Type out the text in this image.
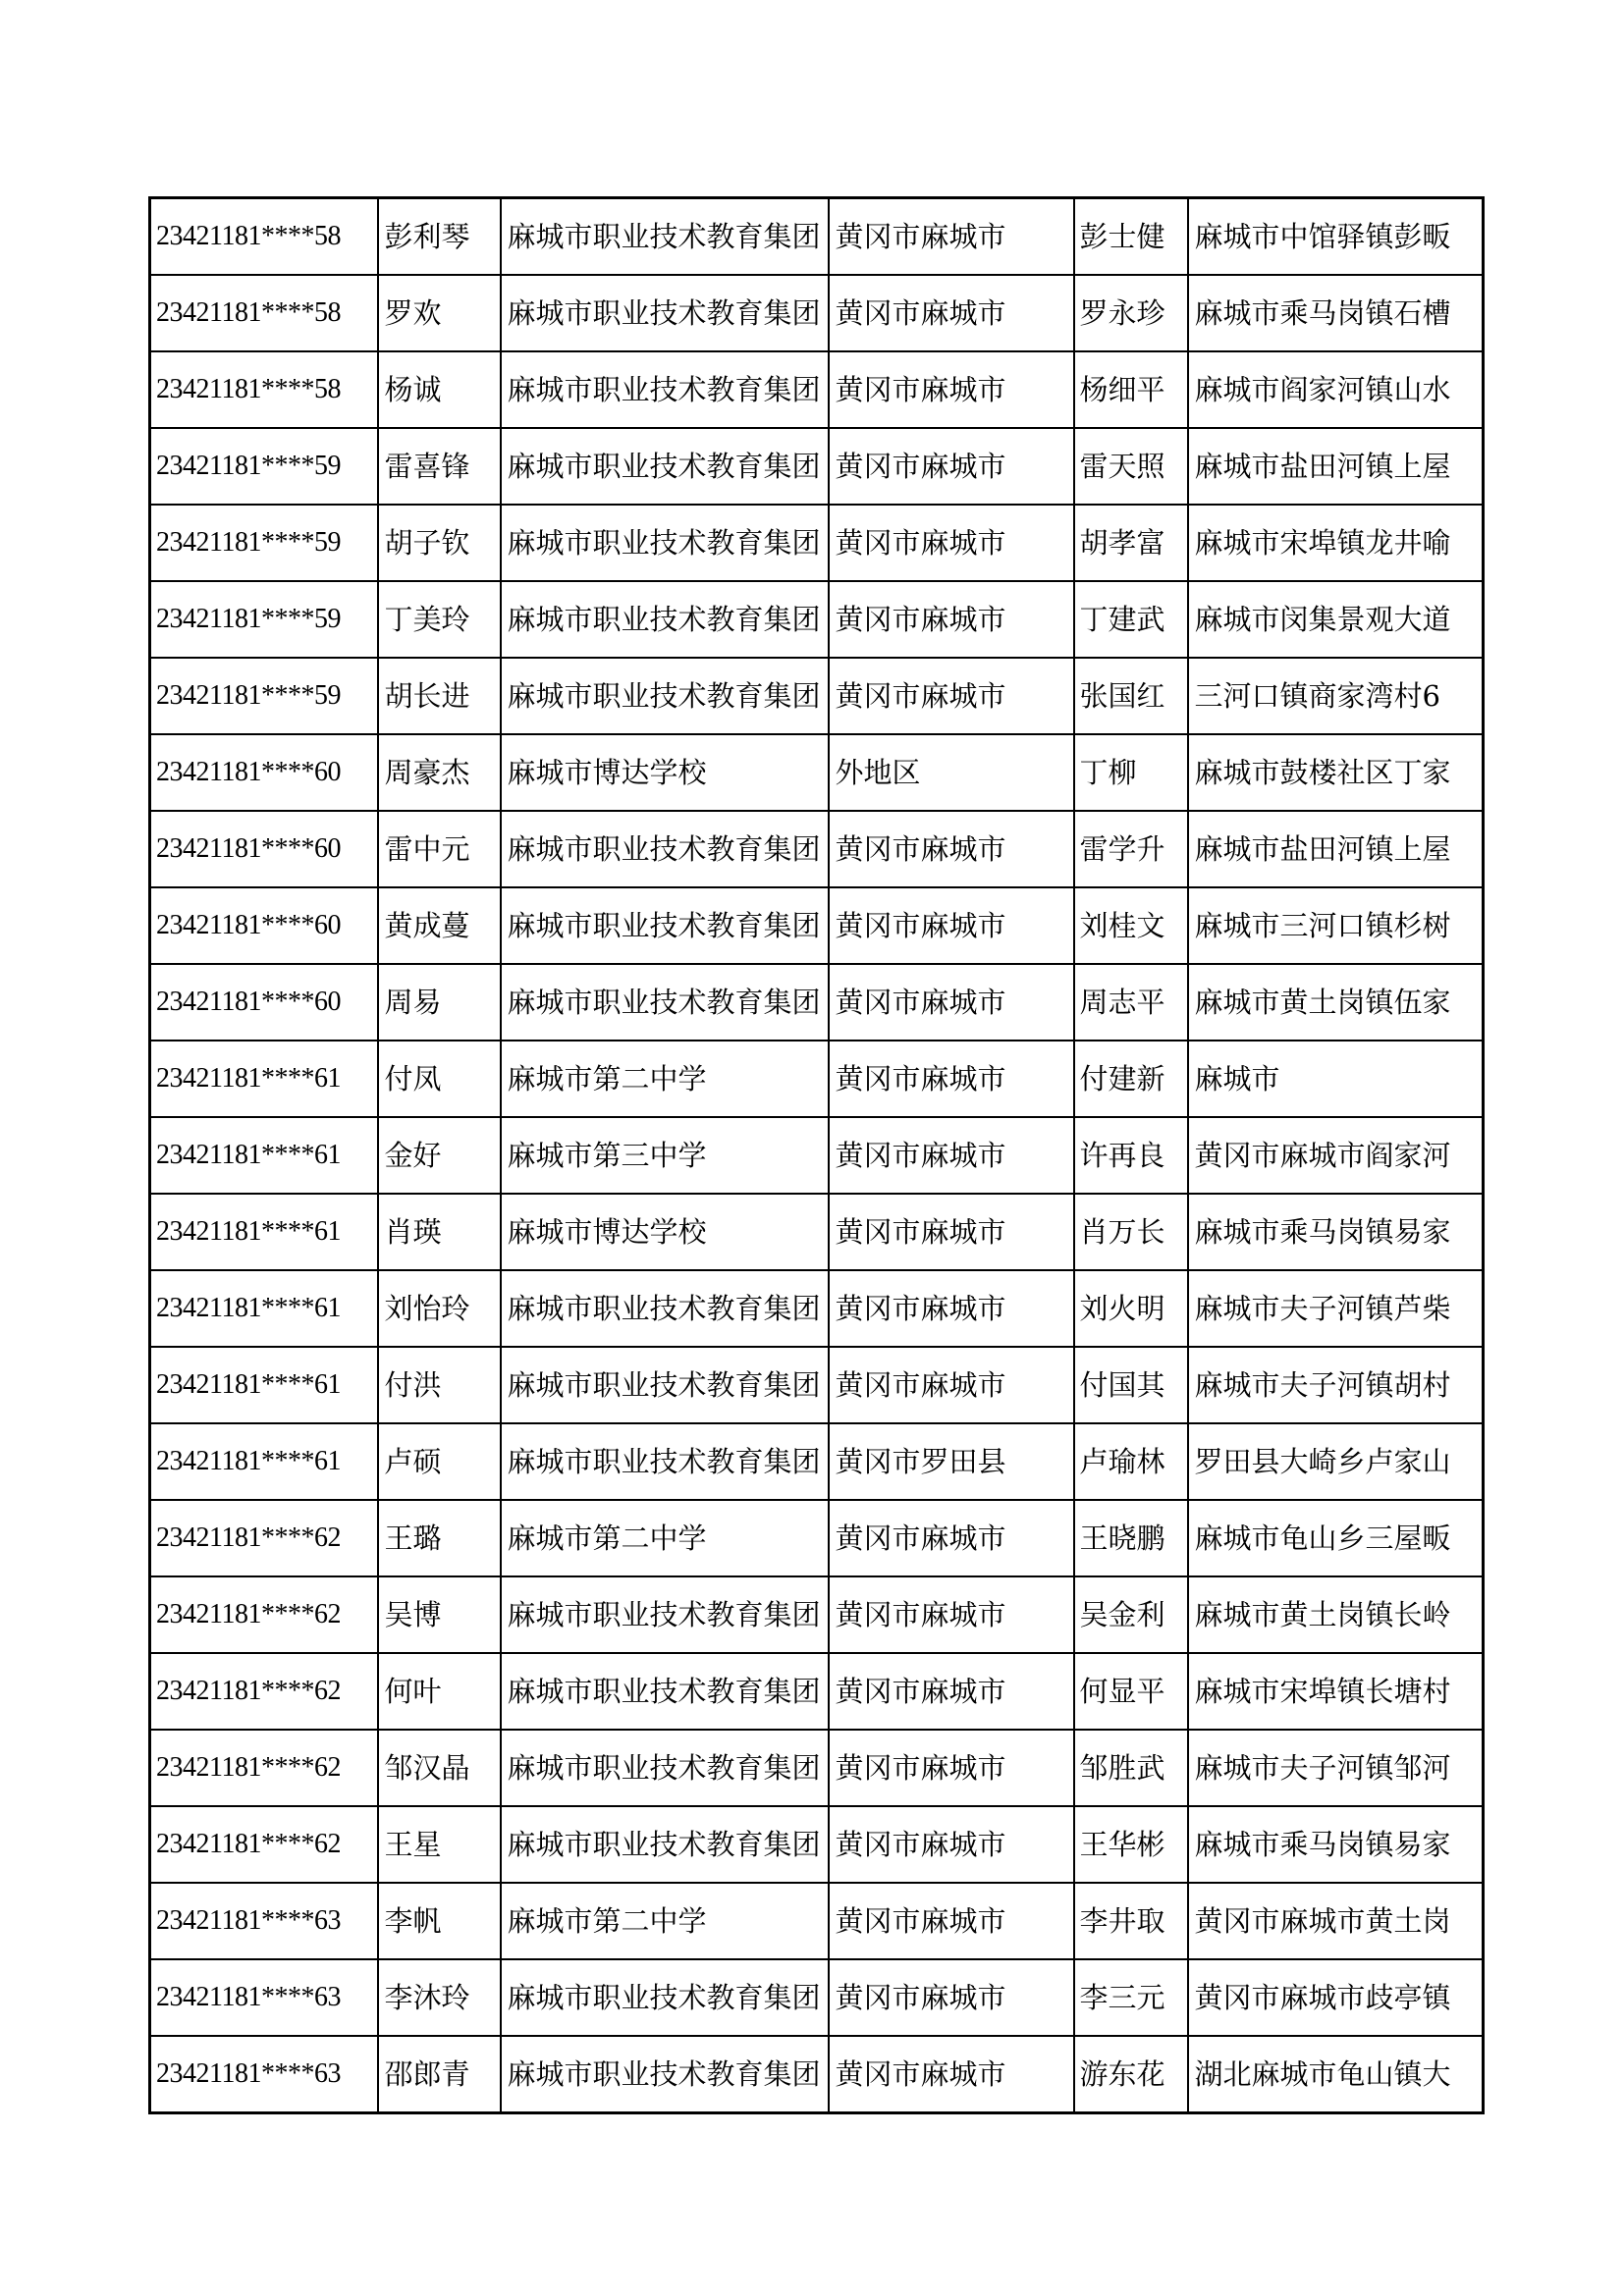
23421181****58	彭利琴	麻城市职业技术教育集团	黄冈市麻城市	彭士健	麻城市中馆驿镇彭畈
23421181****58	罗欢	麻城市职业技术教育集团	黄冈市麻城市	罗永珍	麻城市乘马岗镇石槽
23421181****58	杨诚	麻城市职业技术教育集团	黄冈市麻城市	杨细平	麻城市阎家河镇山水
23421181****59	雷喜锋	麻城市职业技术教育集团	黄冈市麻城市	雷天照	麻城市盐田河镇上屋
23421181****59	胡子钦	麻城市职业技术教育集团	黄冈市麻城市	胡孝富	麻城市宋埠镇龙井喻
23421181****59	丁美玲	麻城市职业技术教育集团	黄冈市麻城市	丁建武	麻城市闵集景观大道
23421181****59	胡长进	麻城市职业技术教育集团	黄冈市麻城市	张国红	三河口镇商家湾村6
23421181****60	周豪杰	麻城市博达学校	外地区	丁柳	麻城市鼓楼社区丁家
23421181****60	雷中元	麻城市职业技术教育集团	黄冈市麻城市	雷学升	麻城市盐田河镇上屋
23421181****60	黄成蔓	麻城市职业技术教育集团	黄冈市麻城市	刘桂文	麻城市三河口镇杉树
23421181****60	周易	麻城市职业技术教育集团	黄冈市麻城市	周志平	麻城市黄土岗镇伍家
23421181****61	付凤	麻城市第二中学	黄冈市麻城市	付建新	麻城市
23421181****61	金好	麻城市第三中学	黄冈市麻城市	许再良	黄冈市麻城市阎家河
23421181****61	肖瑛	麻城市博达学校	黄冈市麻城市	肖万长	麻城市乘马岗镇易家
23421181****61	刘怡玲	麻城市职业技术教育集团	黄冈市麻城市	刘火明	麻城市夫子河镇芦柴
23421181****61	付洪	麻城市职业技术教育集团	黄冈市麻城市	付国其	麻城市夫子河镇胡村
23421181****61	卢硕	麻城市职业技术教育集团	黄冈市罗田县	卢瑜林	罗田县大崎乡卢家山
23421181****62	王璐	麻城市第二中学	黄冈市麻城市	王晓鹏	麻城市龟山乡三屋畈
23421181****62	吴博	麻城市职业技术教育集团	黄冈市麻城市	吴金利	麻城市黄土岗镇长岭
23421181****62	何叶	麻城市职业技术教育集团	黄冈市麻城市	何显平	麻城市宋埠镇长塘村
23421181****62	邹汉晶	麻城市职业技术教育集团	黄冈市麻城市	邹胜武	麻城市夫子河镇邹河
23421181****62	王星	麻城市职业技术教育集团	黄冈市麻城市	王华彬	麻城市乘马岗镇易家
23421181****63	李帆	麻城市第二中学	黄冈市麻城市	李井取	黄冈市麻城市黄土岗
23421181****63	李沐玲	麻城市职业技术教育集团	黄冈市麻城市	李三元	黄冈市麻城市歧亭镇
23421181****63	邵郎青	麻城市职业技术教育集团	黄冈市麻城市	游东花	湖北麻城市龟山镇大
